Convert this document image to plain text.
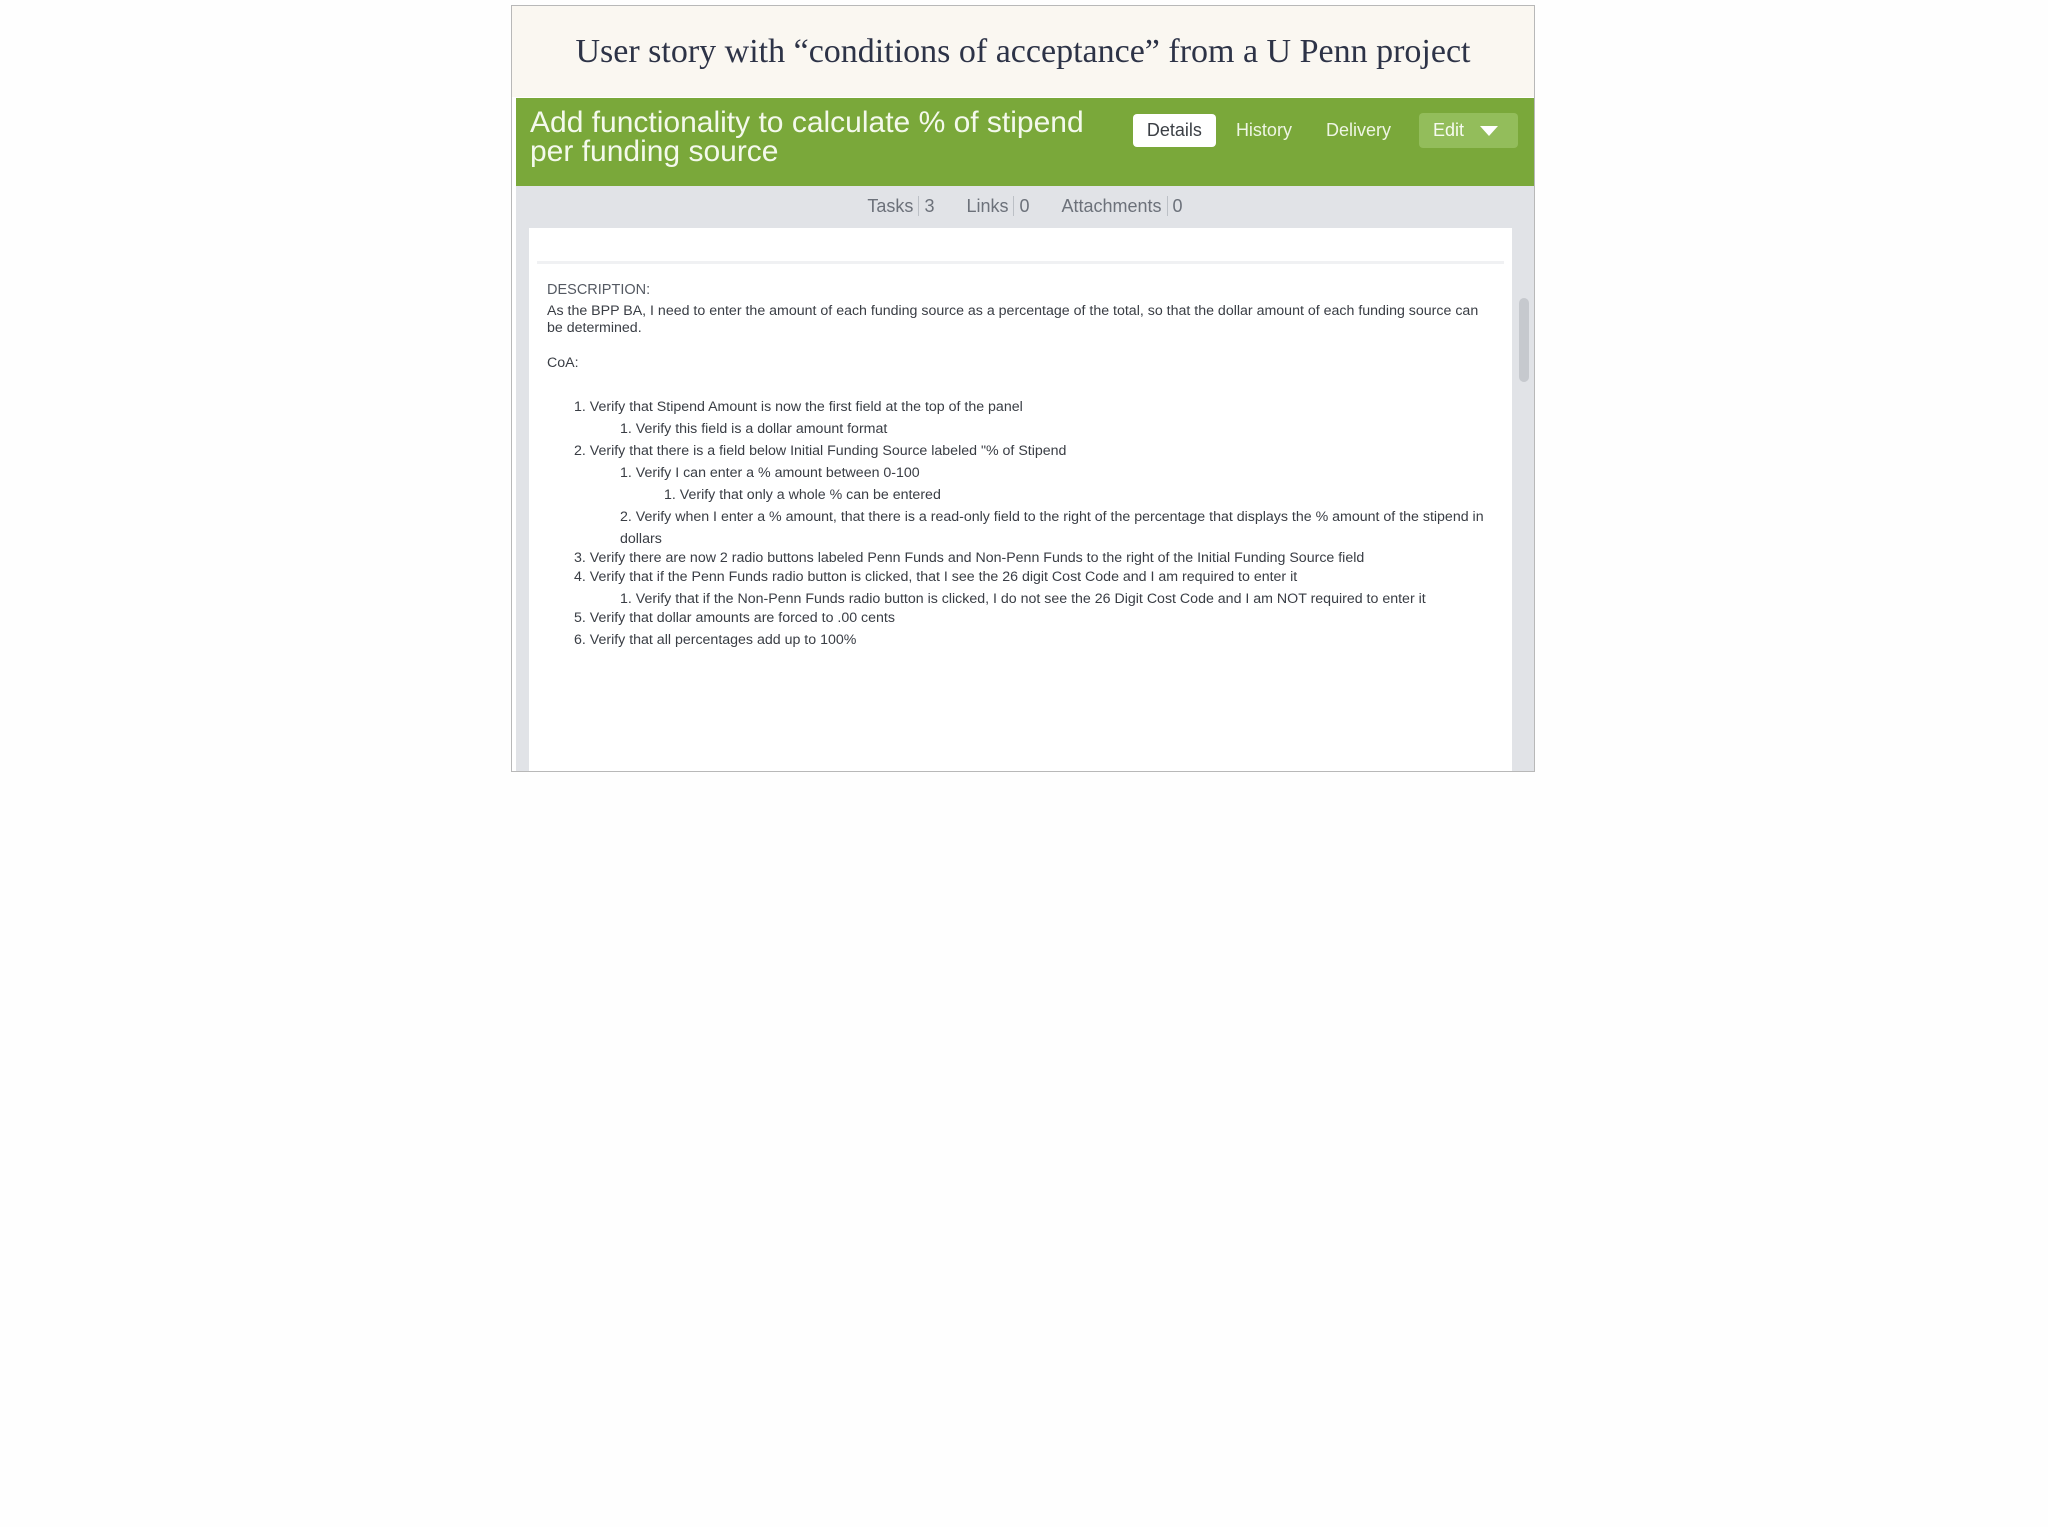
User story with “conditions of acceptance” from a U Penn project
Add functionality to calculate % of stipend per funding source
Details	History	Delivery	Edit
Tasks 3 Links 0 Attachments 0
DESCRIPTION:
As the BPP BA, I need to enter the amount of each funding source as a percentage of the total, so that the dollar amount of each funding source can be determined.
CoA:
1. Verify that Stipend Amount is now the first field at the top of the panel
1. Verify this field is a dollar amount format
2. Verify that there is a field below Initial Funding Source labeled "% of Stipend
1. Verify I can enter a % amount between 0-100
1. Verify that only a whole % can be entered
2. Verify when I enter a % amount, that there is a read-only field to the right of the percentage that displays the % amount of the stipend in dollars
3. Verify there are now 2 radio buttons labeled Penn Funds and Non-Penn Funds to the right of the Initial Funding Source field
4. Verify that if the Penn Funds radio button is clicked, that I see the 26 digit Cost Code and I am required to enter it
1. Verify that if the Non-Penn Funds radio button is clicked, I do not see the 26 Digit Cost Code and I am NOT required to enter it
5. Verify that dollar amounts are forced to .00 cents
6. Verify that all percentages add up to 100%
